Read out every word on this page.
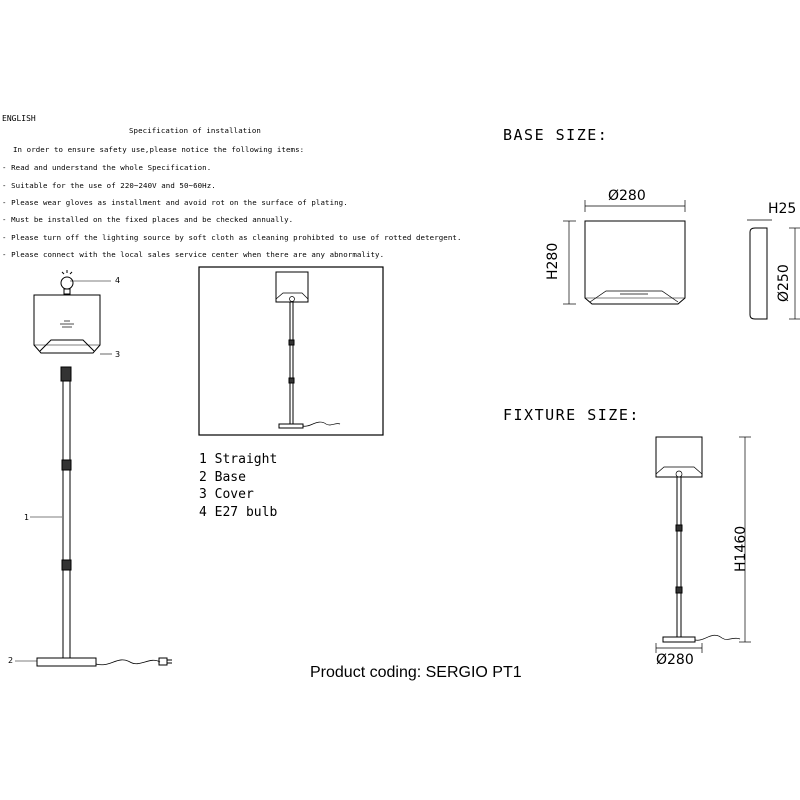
ENGLISH
Specification of installation
In order to ensure safety use,please notice the following items:
- Read and understand the whole Specification.
- Suitable for the use of 220~240V and 50~60Hz.
- Please wear gloves as installment and avoid rot on the surface of plating.
- Must be installed on the fixed places and be checked annually.
- Please turn off the lighting source by soft cloth as cleaning prohibted to use of rotted detergent.
- Please connect with the local sales service center when there are any abnormality.
4
3
1
2
1 Straight
2 Base
3 Cover
4 E27 bulb
BASE SIZE:
Ø280
H280
H25
Ø250
FIXTURE SIZE:
H1460
Ø280
Product coding: SERGIO PT1
